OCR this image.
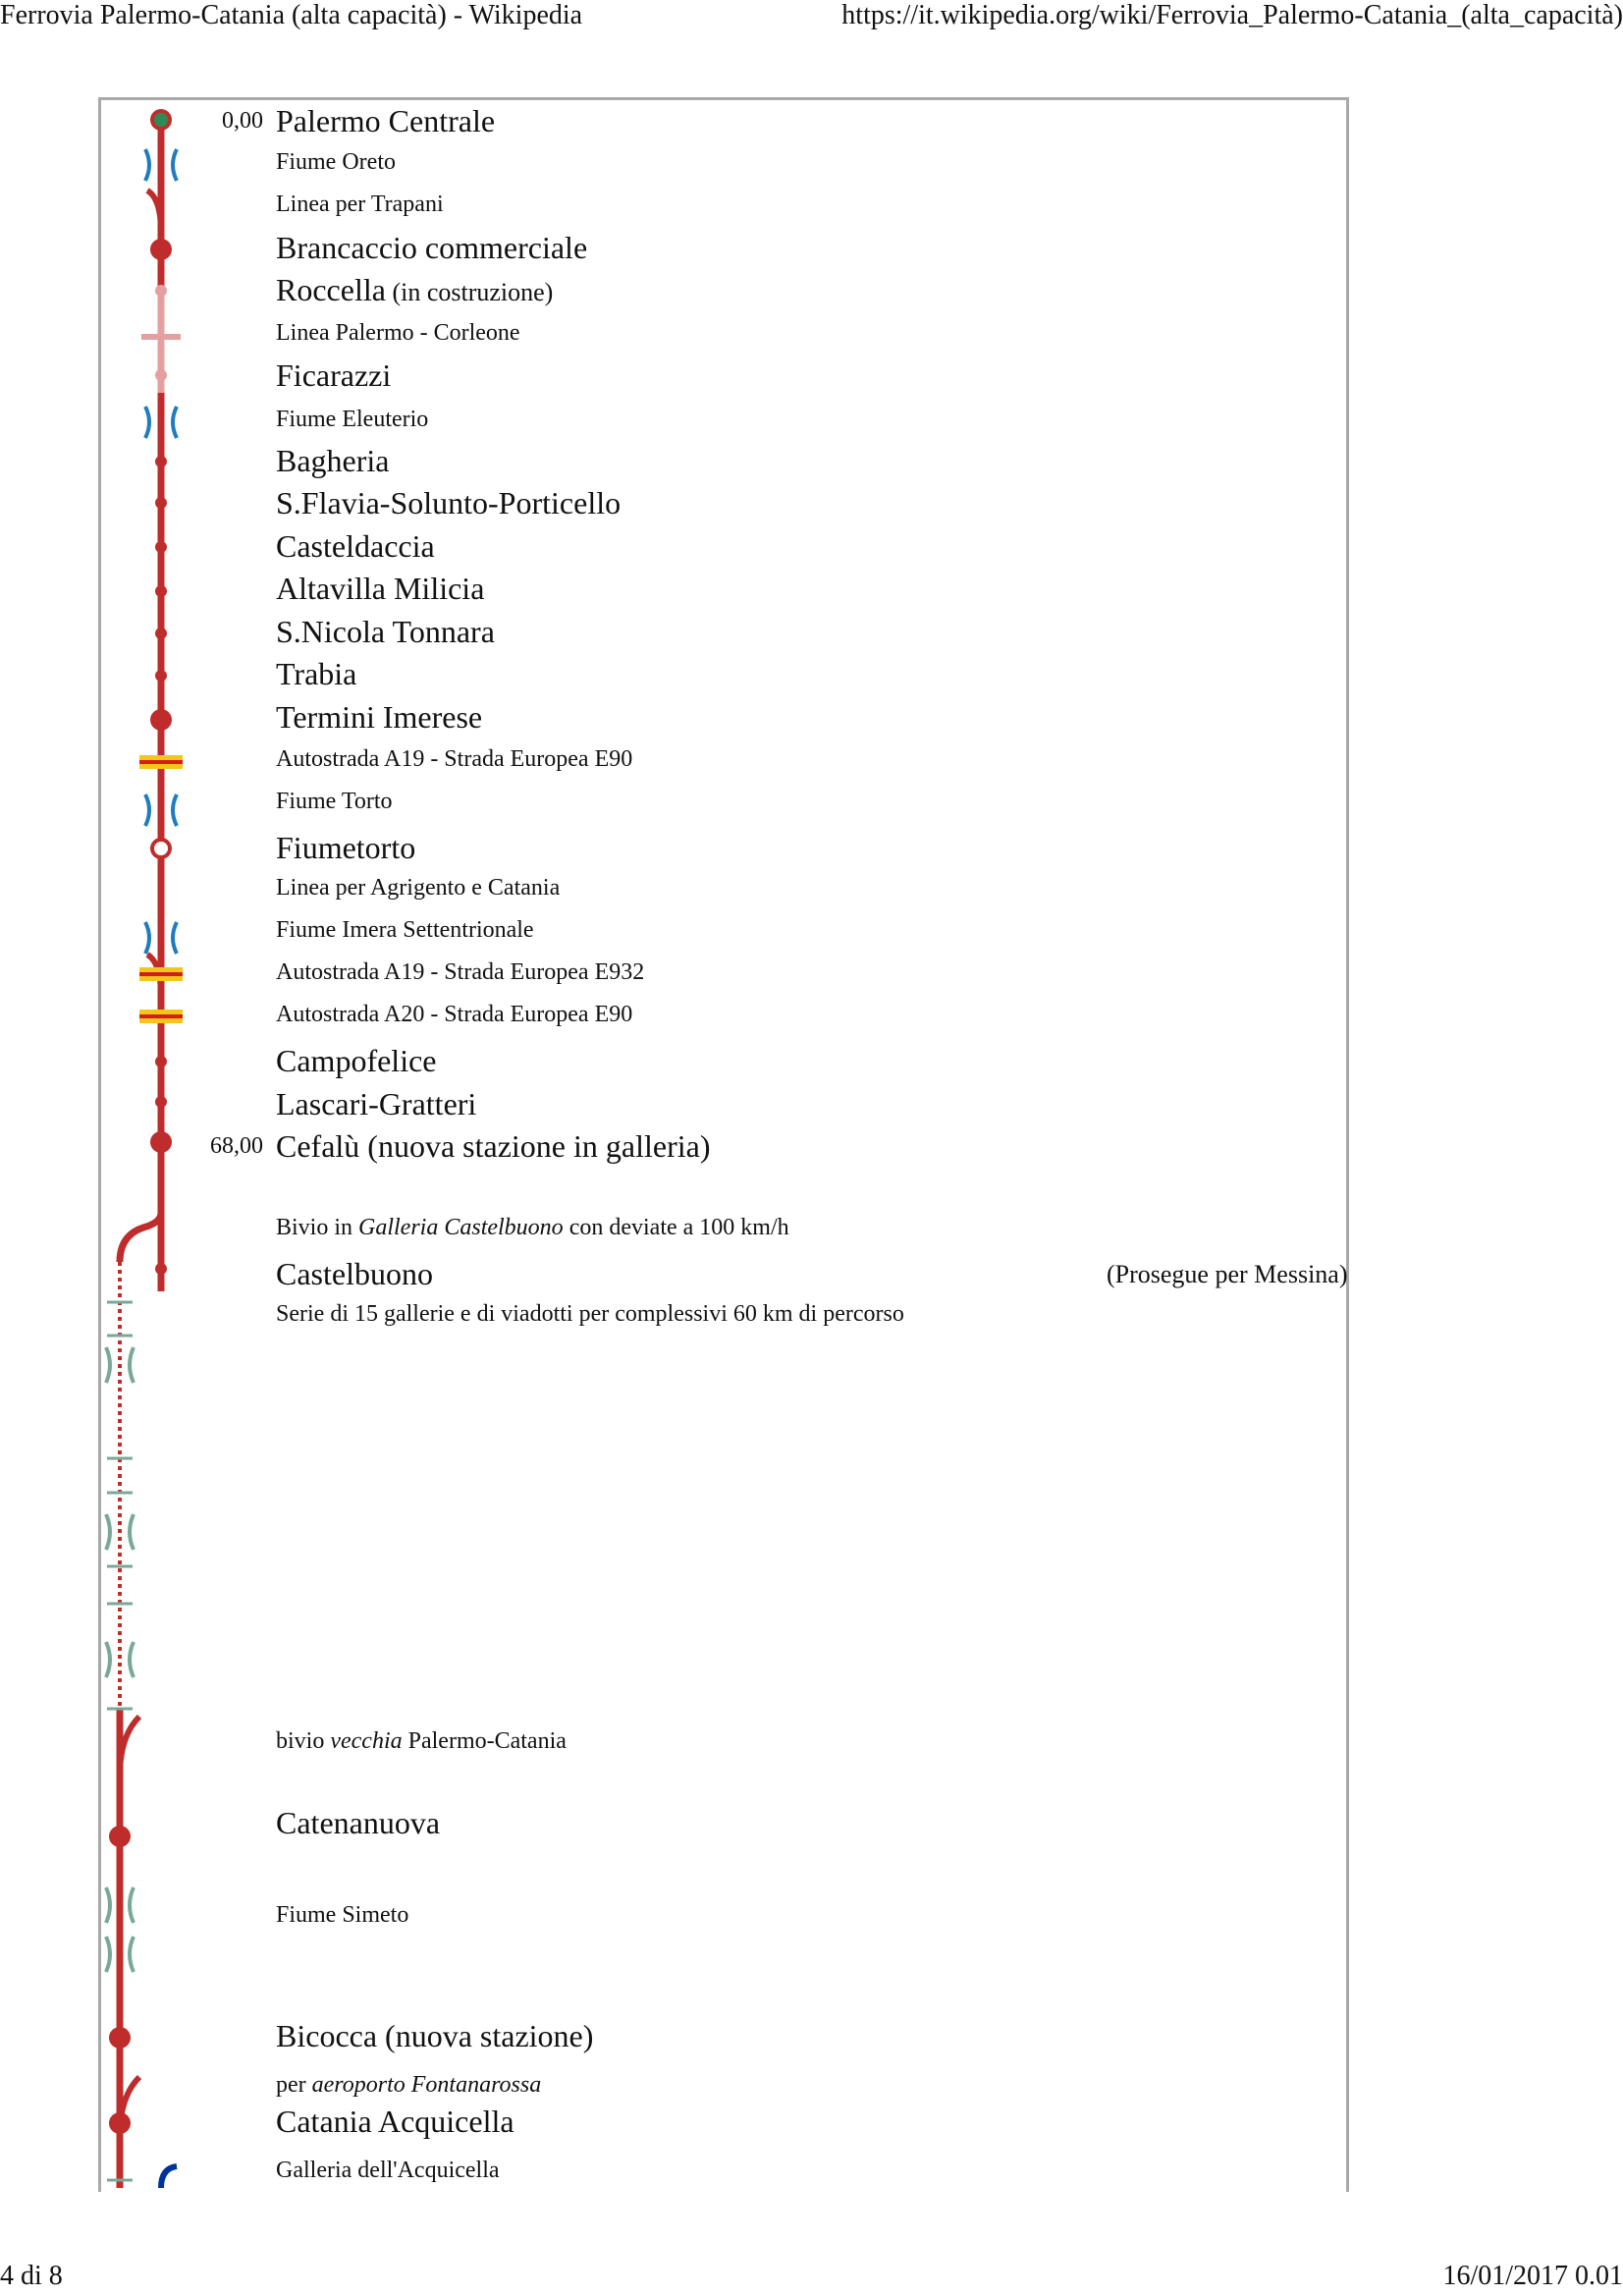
Ferrovia Palermo-Catania (alta capacità) - Wikipedia	https://it.wikipedia.org/wiki/Ferrovia_Palermo-Catania_(alta_capacità)
0,00 Palermo Centrale
Fiume Oreto
Linea per Trapani
Brancaccio commerciale
Roccella (in costruzione)
Linea Palermo - Corleone
Ficarazzi
Fiume Eleuterio
Bagheria
S.Flavia-Solunto-Porticello
Casteldaccia
Altavilla Milicia
S.Nicola Tonnara
Trabia
Termini Imerese
Autostrada A19 - Strada Europea E90
Fiume Torto
Fiumetorto
Linea per Agrigento e Catania
Fiume Imera Settentrionale
Autostrada A19 - Strada Europea E932
Autostrada A20 - Strada Europea E90
Campofelice
Lascari-Gratteri
68,00 Cefalù (nuova stazione in galleria)
Bivio in Galleria Castelbuono con deviate a 100 km/h
Castelbuono	(Prosegue per Messina)
Serie di 15 gallerie e di viadotti per complessivi 60 km di percorso
bivio vecchia Palermo-Catania
Catenanuova
Fiume Simeto
Bicocca (nuova stazione)
per aeroporto Fontanarossa
Catania Acquicella
Galleria dell'Acquicella
4 di 8	16/01/2017 0.01
